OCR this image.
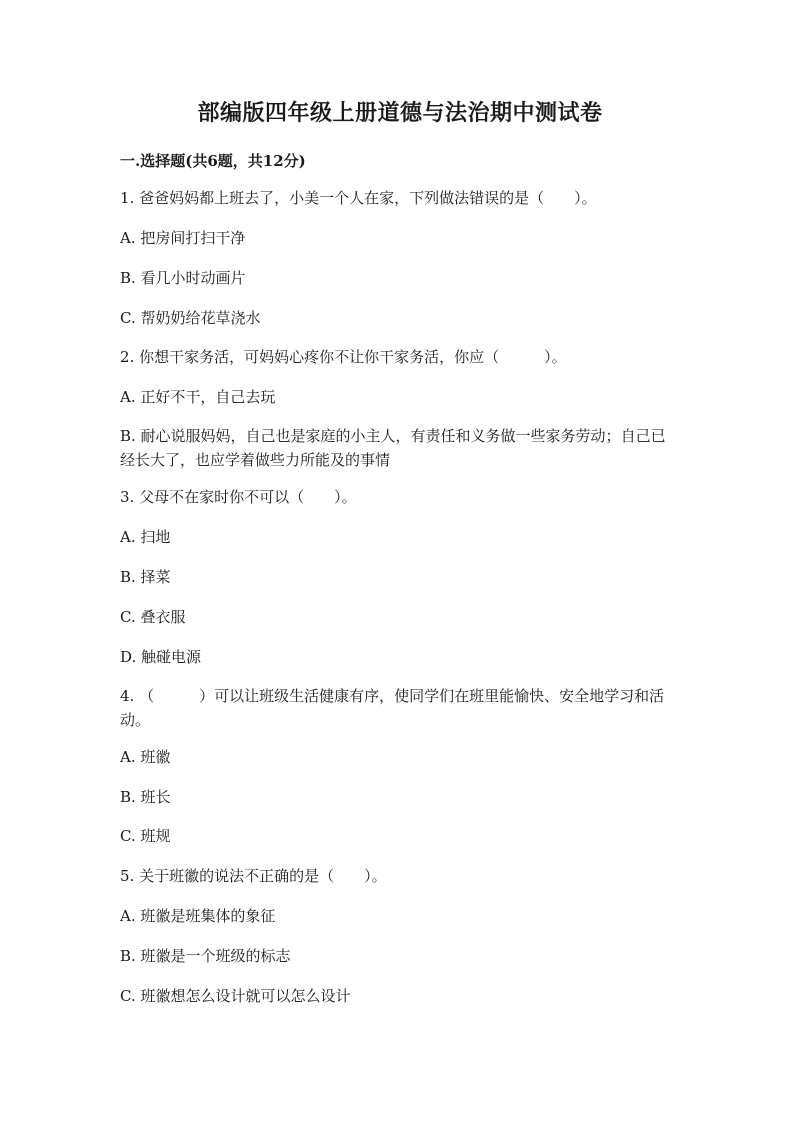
部编版四年级上册道德与法治期中测试卷
一.选择题(共6题，共12分)
1. 爸爸妈妈都上班去了，小美一个人在家，下列做法错误的是（　　）。
A. 把房间打扫干净
B. 看几小时动画片
C. 帮奶奶给花草浇水
2. 你想干家务活，可妈妈心疼你不让你干家务活，你应（　　　）。
A. 正好不干，自己去玩
B. 耐心说服妈妈，自己也是家庭的小主人，有责任和义务做一些家务劳动；自己已经长大了，也应学着做些力所能及的事情
3. 父母不在家时你不可以（　　）。
A. 扫地
B. 择菜
C. 叠衣服
D. 触碰电源
4. （　　　）可以让班级生活健康有序，使同学们在班里能愉快、安全地学习和活动。
A. 班徽
B. 班长
C. 班规
5. 关于班徽的说法不正确的是（　　）。
A. 班徽是班集体的象征
B. 班徽是一个班级的标志
C. 班徽想怎么设计就可以怎么设计
